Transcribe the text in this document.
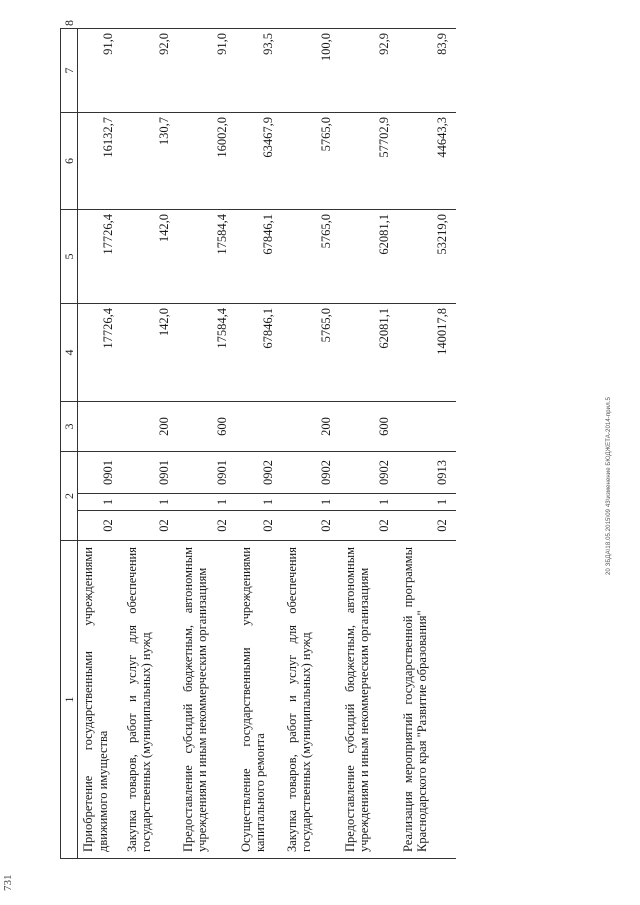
731
1	2			3	4	5	6	7	8
Приобретение государственными учреждениями движимого имущества	02	1	0901		17726,4	17726,4	16132,7	91,0	
Закупка товаров, работ и услуг для обеспечения государственных (муниципальных) нужд	02	1	0901	200	142,0	142,0	130,7	92,0	
Предоставление субсидий бюджетным, автономным учреждениям и иным некоммерческим организациям	02	1	0901	600	17584,4	17584,4	16002,0	91,0	
Осуществление государственными учреждениями капитального ремонта	02	1	0902		67846,1	67846,1	63467,9	93,5	
Закупка товаров, работ и услуг для обеспечения государственных (муниципальных) нужд	02	1	0902	200	5765,0	5765,0	5765,0	100,0	
Предоставление субсидий бюджетным, автономным учреждениям и иным некоммерческим организациям	02	1	0902	600	62081,1	62081,1	57702,9	92,9	
Реализация мероприятий государственной программы Краснодарского края "Развитие образования"	02	1	0913		140017,8	53219,0	44643,3	83,9	
20 ЗБДА\18.05.2015\09 43\изменение БЮДЖЕТА-2014-прил.5
